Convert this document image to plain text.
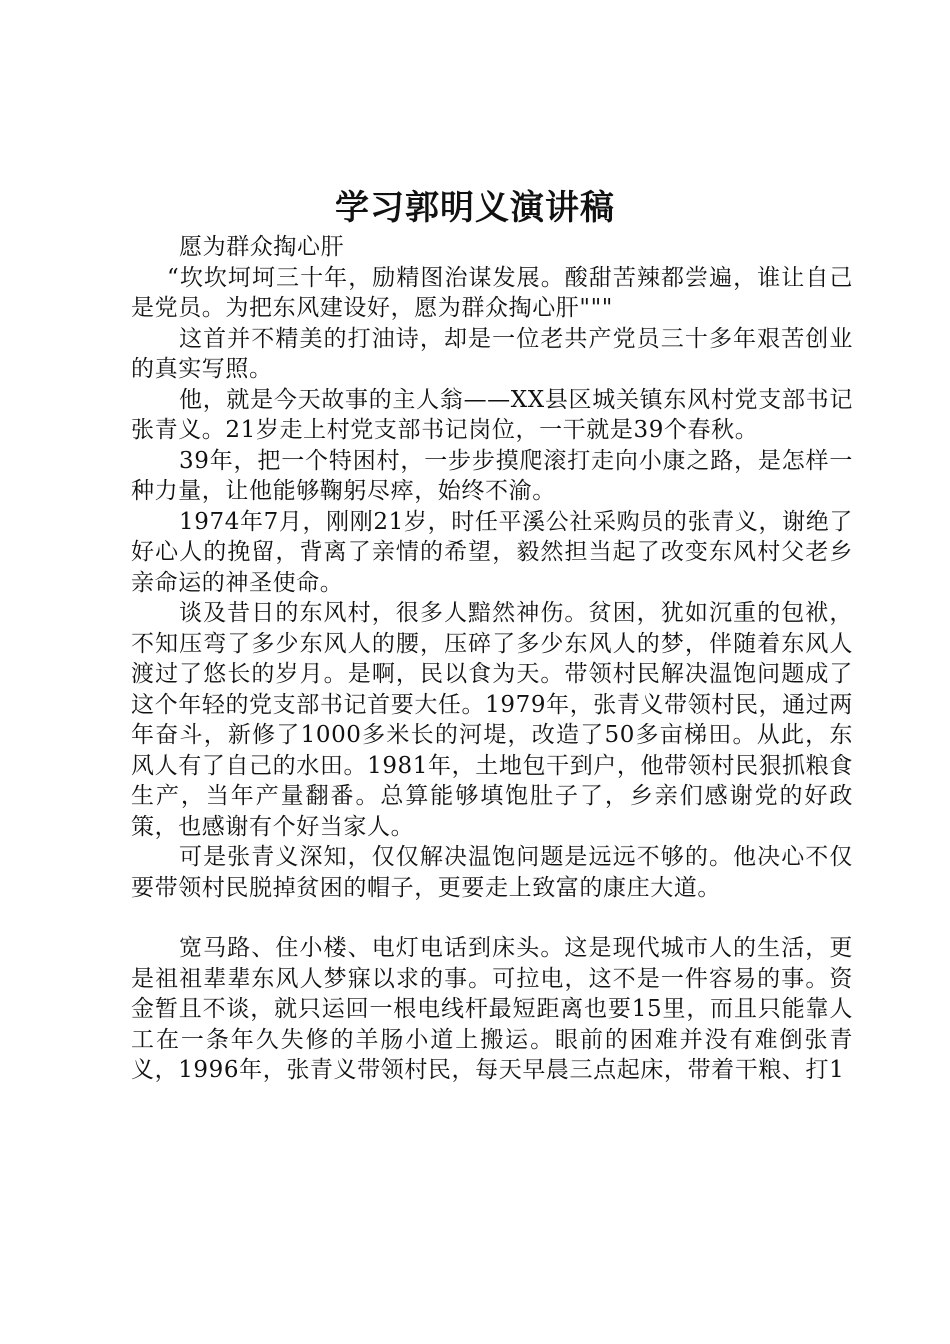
学习郭明义演讲稿

愿为群众掏心肝

“坎坎坷坷三十年，励精图治谋发展。酸甜苦辣都尝遍，谁让自己是党员。为把东风建设好，愿为群众掏心肝"""

这首并不精美的打油诗，却是一位老共产党员三十多年艰苦创业的真实写照。

他，就是今天故事的主人翁——XX县区城关镇东风村党支部书记张青义。21岁走上村党支部书记岗位，一干就是39个春秋。

39年，把一个特困村，一步步摸爬滚打走向小康之路，是怎样一种力量，让他能够鞠躬尽瘁，始终不渝。

1974年7月，刚刚21岁，时任平溪公社采购员的张青义，谢绝了好心人的挽留，背离了亲情的希望，毅然担当起了改变东风村父老乡亲命运的神圣使命。

谈及昔日的东风村，很多人黯然神伤。贫困，犹如沉重的包袱，不知压弯了多少东风人的腰，压碎了多少东风人的梦，伴随着东风人渡过了悠长的岁月。是啊，民以食为天。带领村民解决温饱问题成了这个年轻的党支部书记首要大任。1979年，张青义带领村民，通过两年奋斗，新修了1000多米长的河堤，改造了50多亩梯田。从此，东风人有了自己的水田。1981年，土地包干到户，他带领村民狠抓粮食生产，当年产量翻番。总算能够填饱肚子了，乡亲们感谢党的好政策，也感谢有个好当家人。

可是张青义深知，仅仅解决温饱问题是远远不够的。他决心不仅要带领村民脱掉贫困的帽子，更要走上致富的康庄大道。

宽马路、住小楼、电灯电话到床头。这是现代城市人的生活，更是祖祖辈辈东风人梦寐以求的事。可拉电，这不是一件容易的事。资金暂且不谈，就只运回一根电线杆最短距离也要15里，而且只能靠人工在一条年久失修的羊肠小道上搬运。眼前的困难并没有难倒张青义，1996年，张青义带领村民，每天早晨三点起床，带着干粮、打1
